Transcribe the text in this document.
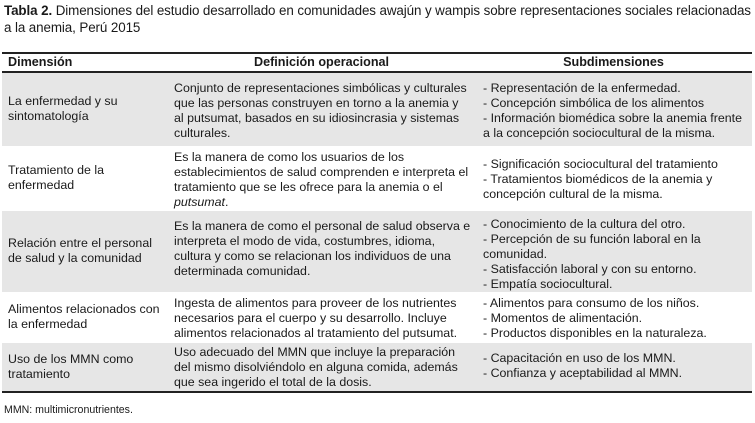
Tabla 2. Dimensiones del estudio desarrollado en comunidades awajún y wampis sobre representaciones sociales relacionadas a la anemia, Perú 2015
Dimensión	Definición operacional	Subdimensiones
La enfermedad y su sintomatología	Conjunto de representaciones simbólicas y culturales que las personas construyen en torno a la anemia y al putsumat, basados en su idiosincrasia y sistemas culturales.	- Representación de la enfermedad.
- Concepción simbólica de los alimentos
- Información biomédica sobre la anemia frente a la concepción sociocultural de la misma.

Tratamiento de la enfermedad	Es la manera de como los usuarios de los establecimientos de salud comprenden e interpreta el tratamiento que se les ofrece para la anemia o el putsumat.	- Significación sociocultural del tratamiento
- Tratamientos biomédicos de la anemia y concepción cultural de la misma.

Relación entre el personal de salud y la comunidad	Es la manera de como el personal de salud observa e interpreta el modo de vida, costumbres, idioma, cultura y como se relacionan los individuos de una determinada comunidad.	- Conocimiento de la cultura del otro.
- Percepción de su función laboral en la comunidad.
- Satisfacción laboral y con su entorno.
- Empatía sociocultural.

Alimentos relacionados con la enfermedad	Ingesta de alimentos para proveer de los nutrientes necesarios para el cuerpo y su desarrollo. Incluye alimentos relacionados al tratamiento del putsumat.	- Alimentos para consumo de los niños.
- Momentos de alimentación.
- Productos disponibles en la naturaleza.

Uso de los MMN como tratamiento	Uso adecuado del MMN que incluye la preparación del mismo disolviéndolo en alguna comida, además que sea ingerido el total de la dosis.	- Capacitación en uso de los MMN.
- Confianza y aceptabilidad al MMN.
MMN: multimicronutrientes.
